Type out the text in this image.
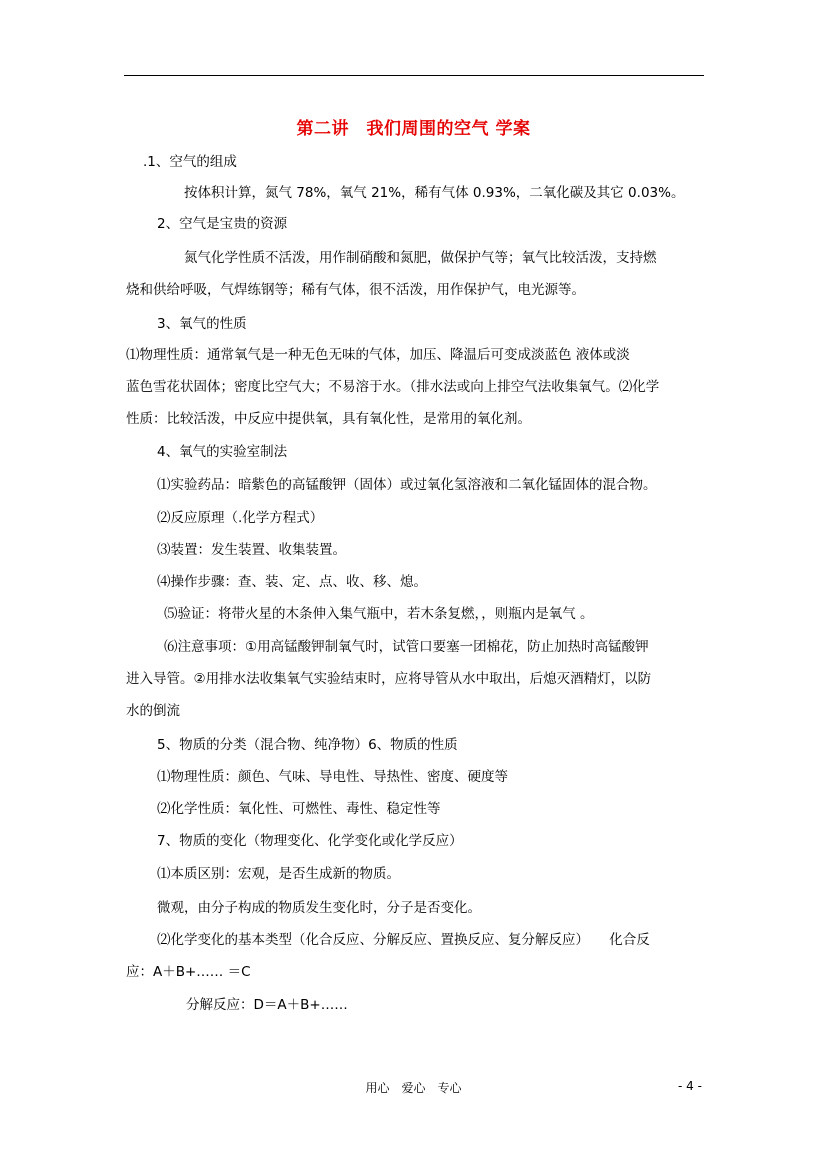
第二讲　我们周围的空气 学案
.1、空气的组成
按体积计算，氮气 78%，氧气 21%，稀有气体 0.93%，二氧化碳及其它 0.03%。
2、空气是宝贵的资源
氮气化学性质不活泼，用作制硝酸和氮肥，做保护气等；氧气比较活泼，支持燃
烧和供给呼吸，气焊练钢等；稀有气体，很不活泼，用作保护气，电光源等。
3、氧气的性质
⑴物理性质：通常氧气是一种无色无味的气体，加压、降温后可变成淡蓝色 液体或淡
蓝色雪花状固体；密度比空气大；不易溶于水。（排水法或向上排空气法收集氧气。⑵化学
性质：比较活泼，中反应中提供氧，具有氧化性，是常用的氧化剂。
4、氧气的实验室制法
⑴实验药品：暗紫色的高锰酸钾（固体）或过氧化氢溶液和二氧化锰固体的混合物。
⑵反应原理（.化学方程式）
⑶装置：发生装置、收集装置。
⑷操作步骤：查、装、定、点、收、移、熄。
⑸验证：将带火星的木条伸入集气瓶中，若木条复燃，，则瓶内是氧气 。
⑹注意事项：①用高锰酸钾制氧气时，试管口要塞一团棉花，防止加热时高锰酸钾
进入导管。②用排水法收集氧气实验结束时，应将导管从水中取出，后熄灭酒精灯，以防
水的倒流
5、物质的分类（混合物、纯净物）6、物质的性质
⑴物理性质：颜色、气味、导电性、导热性、密度、硬度等
⑵化学性质：氧化性、可燃性、毒性、稳定性等
7、物质的变化（物理变化、化学变化或化学反应）
⑴本质区别：宏观，是否生成新的物质。
微观，由分子构成的物质发生变化时，分子是否变化。
⑵化学变化的基本类型（化合反应、分解反应、置换反应、复分解反应）　　化合反
应：A＋B+…… ＝C
分解反应：D＝A＋B+……
用心　爱心　专心	- 4 -
